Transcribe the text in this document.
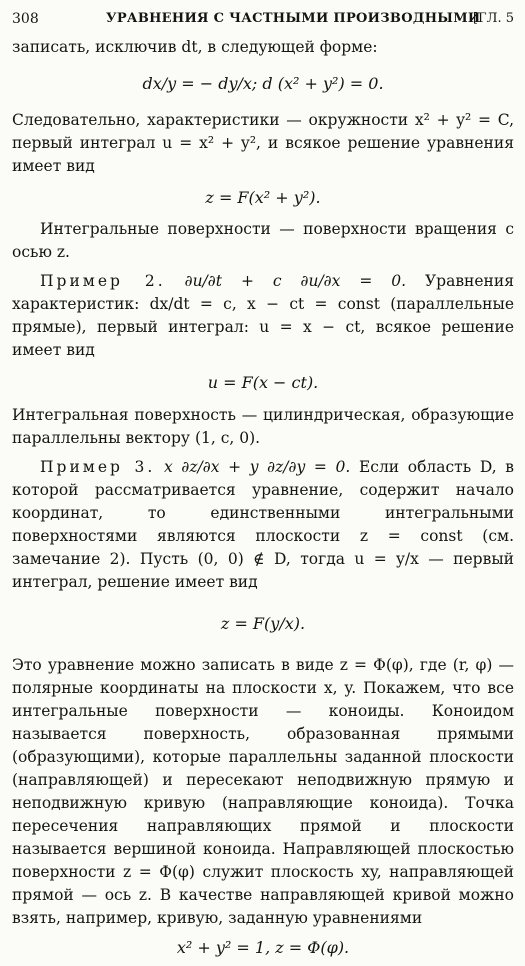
308	УРАВНЕНИЯ С ЧАСТНЫМИ ПРОИЗВОДНЫМИ
[ГЛ. 5

записать, исключив dt, в следующей форме:

dx/y = − dy/x; d (x² + y²) = 0.

Следовательно, характеристики — окружности x² + y² = C, первый интеграл u = x² + y², и всякое решение уравнения имеет вид

z = F(x² + y²).

Интегральные поверхности — поверхности вращения с осью z.

Пример 2. ∂u/∂t + c ∂u/∂x = 0. Уравнения характеристик: dx/dt = c, x − ct = const (параллельные прямые), первый интеграл: u = x − ct, всякое решение имеет вид

u = F(x − ct).

Интегральная поверхность — цилиндрическая, образующие параллельны вектору (1, c, 0).

Пример 3. x ∂z/∂x + y ∂z/∂y = 0. Если область D, в которой рассматривается уравнение, содержит начало координат, то единственными интегральными поверхностями являются плоскости z = const (см. замечание 2). Пусть (0, 0) ∉ D, тогда u = y/x — первый интеграл, решение имеет вид

z = F(y/x).

Это уравнение можно записать в виде z = Φ(φ), где (r, φ) — полярные координаты на плоскости x, y. Покажем, что все интегральные поверхности — коноиды. Коноидом называется поверхность, образованная прямыми (образующими), которые параллельны заданной плоскости (направляющей) и пересекают неподвижную прямую и неподвижную кривую (направляющие коноида). Точка пересечения направляющих прямой и плоскости называется вершиной коноида. Направляющей плоскостью поверхности z = Φ(φ) служит плоскость xy, направляющей прямой — ось z. В качестве направляющей кривой можно взять, например, кривую, заданную уравнениями

x² + y² = 1, z = Φ(φ).
